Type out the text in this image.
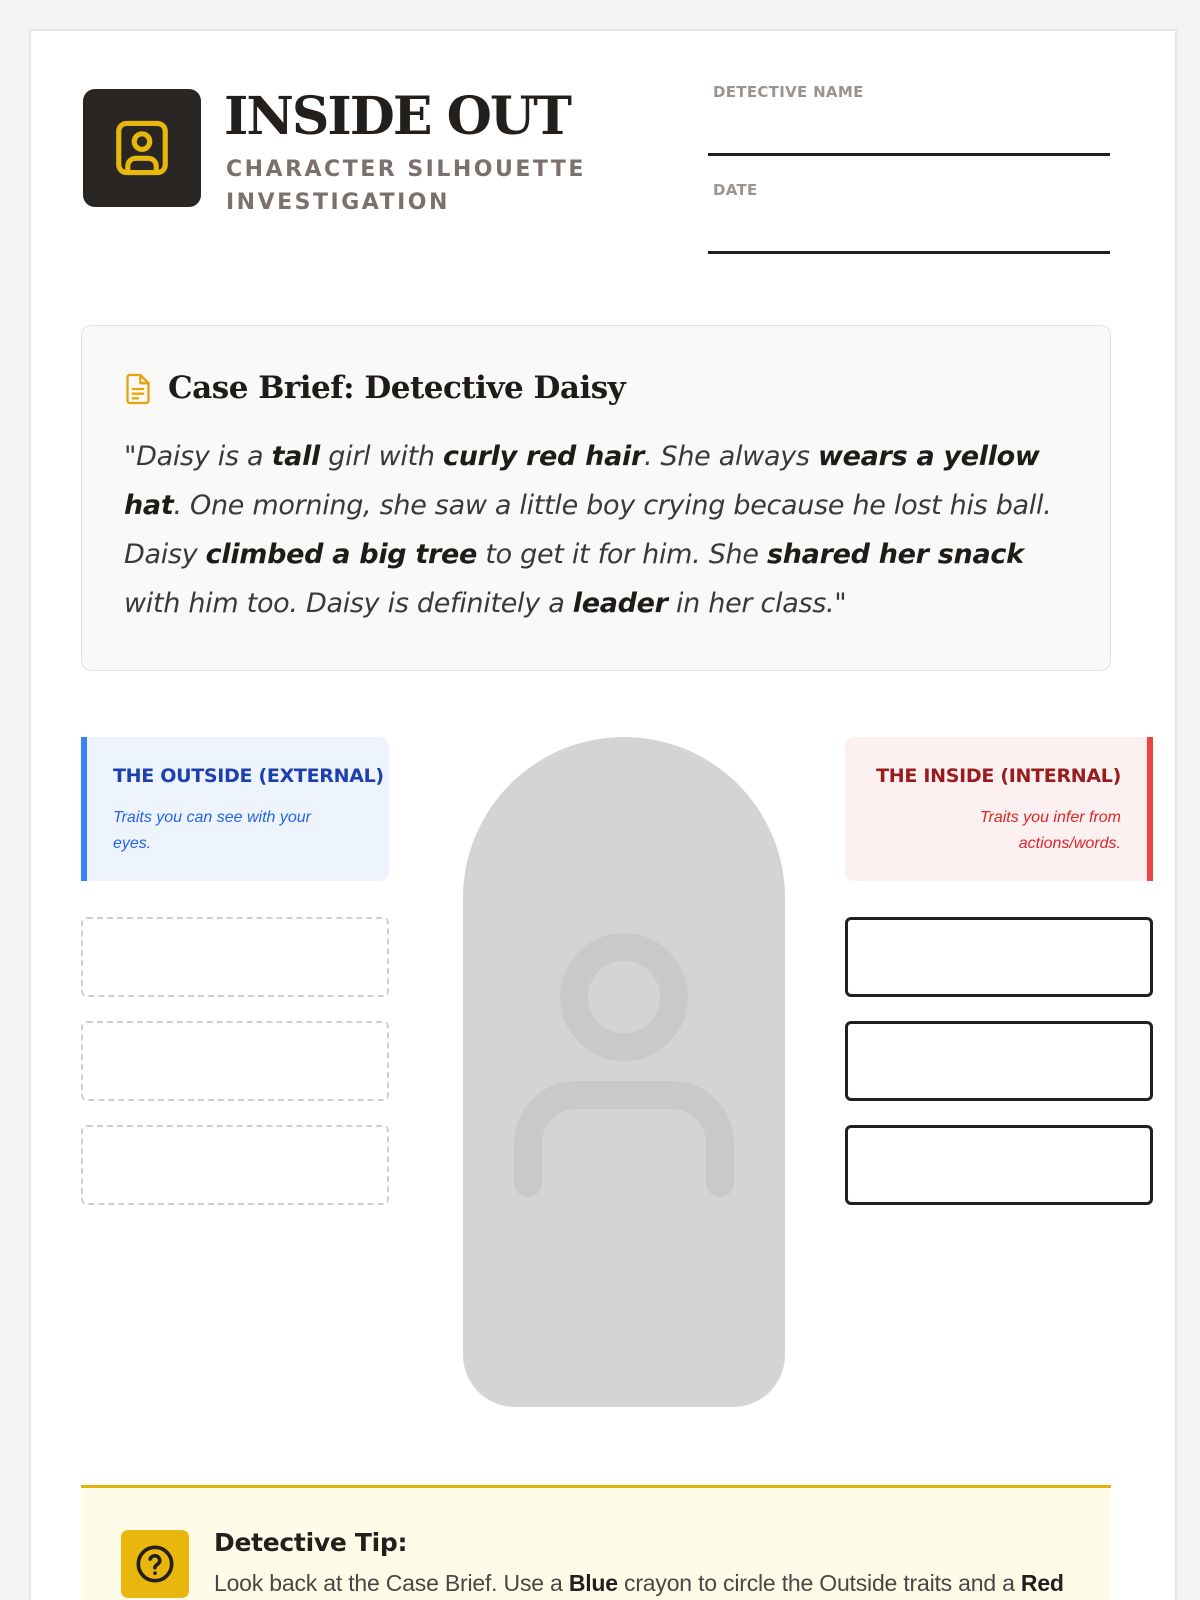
INSIDE OUT
CHARACTER SILHOUETTE INVESTIGATION
DETECTIVE NAME
DATE
Case Brief: Detective Daisy
"Daisy is a tall girl with curly red hair. She always wears a yellow hat. One morning, she saw a little boy crying because he lost his ball. Daisy climbed a big tree to get it for him. She shared her snack with him too. Daisy is definitely a leader in her class."
THE OUTSIDE (EXTERNAL)
Traits you can see with your eyes.
THE INSIDE (INTERNAL)
Traits you infer from actions/words.
Detective Tip:
Look back at the Case Brief. Use a Blue crayon to circle the Outside traits and a Red
